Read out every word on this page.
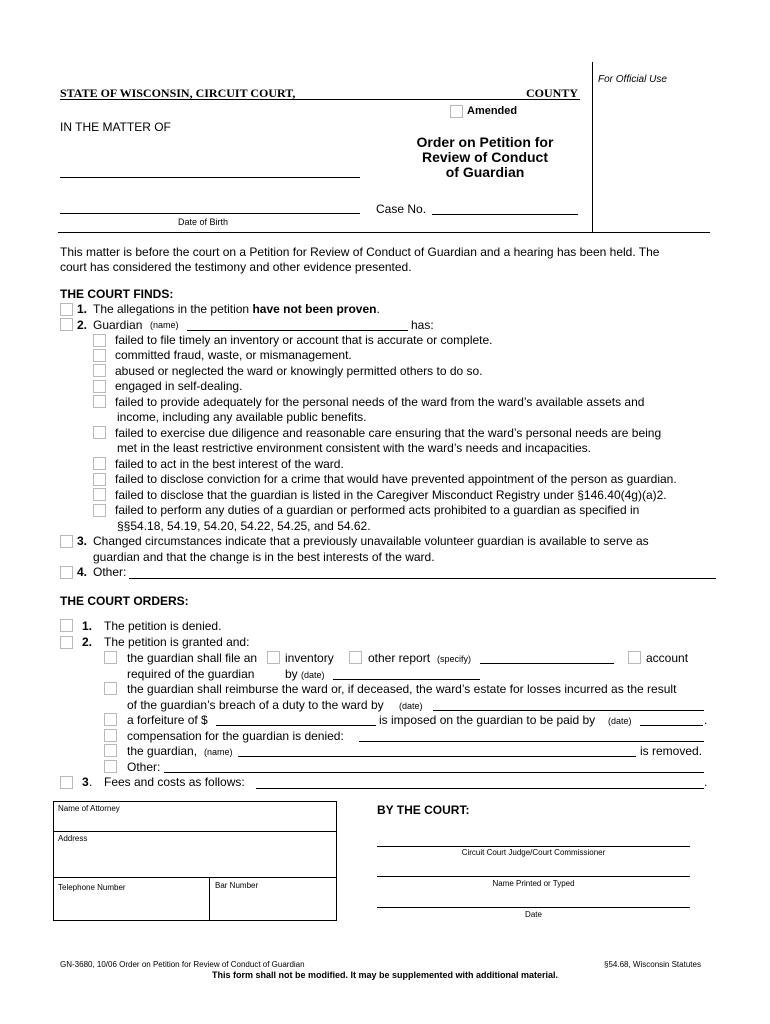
For Official Use
STATE OF WISCONSIN, CIRCUIT COURT,	COUNTY
Amended
IN THE MATTER OF
Order on Petition for
Review of Conduct
of Guardian
Case No.
Date of Birth
This matter is before the court on a Petition for Review of Conduct of Guardian and a hearing has been held. The
court has considered the testimony and other evidence presented.
THE COURT FINDS:
1. The allegations in the petition have not been proven.
2. Guardian (name)	has:
failed to file timely an inventory or account that is accurate or complete.
committed fraud, waste, or mismanagement.
abused or neglected the ward or knowingly permitted others to do so.
engaged in self-dealing.
failed to provide adequately for the personal needs of the ward from the ward’s available assets and
income, including any available public benefits.
failed to exercise due diligence and reasonable care ensuring that the ward’s personal needs are being
met in the least restrictive environment consistent with the ward’s needs and incapacities.
failed to act in the best interest of the ward.
failed to disclose conviction for a crime that would have prevented appointment of the person as guardian.
failed to disclose that the guardian is listed in the Caregiver Misconduct Registry under §146.40(4g)(a)2.
failed to perform any duties of a guardian or performed acts prohibited to a guardian as specified in
§§54.18, 54.19, 54.20, 54.22, 54.25, and 54.62.
3. Changed circumstances indicate that a previously unavailable volunteer guardian is available to serve as
guardian and that the change is in the best interests of the ward.
4. Other:
THE COURT ORDERS:
1. The petition is denied.
2. The petition is granted and:
the guardian shall file an inventory	other report (specify)	account
required of the guardian	by (date)
the guardian shall reimburse the ward or, if deceased, the ward’s estate for losses incurred as the result
of the guardian’s breach of a duty to the ward by (date)
a forfeiture of $	is imposed on the guardian to be paid by (date)	.
compensation for the guardian is denied:
the guardian, (name)	is removed.
Other:
3 . Fees and costs as follows:	.
Name of Attorney
Address
Telephone Number	Bar Number
BY THE COURT:
Circuit Court Judge/Court Commissioner
Name Printed or Typed
Date
GN-3680, 10/06 Order on Petition for Review of Conduct of Guardian	§54.68, Wisconsin Statutes
This form shall not be modified. It may be supplemented with additional material.
